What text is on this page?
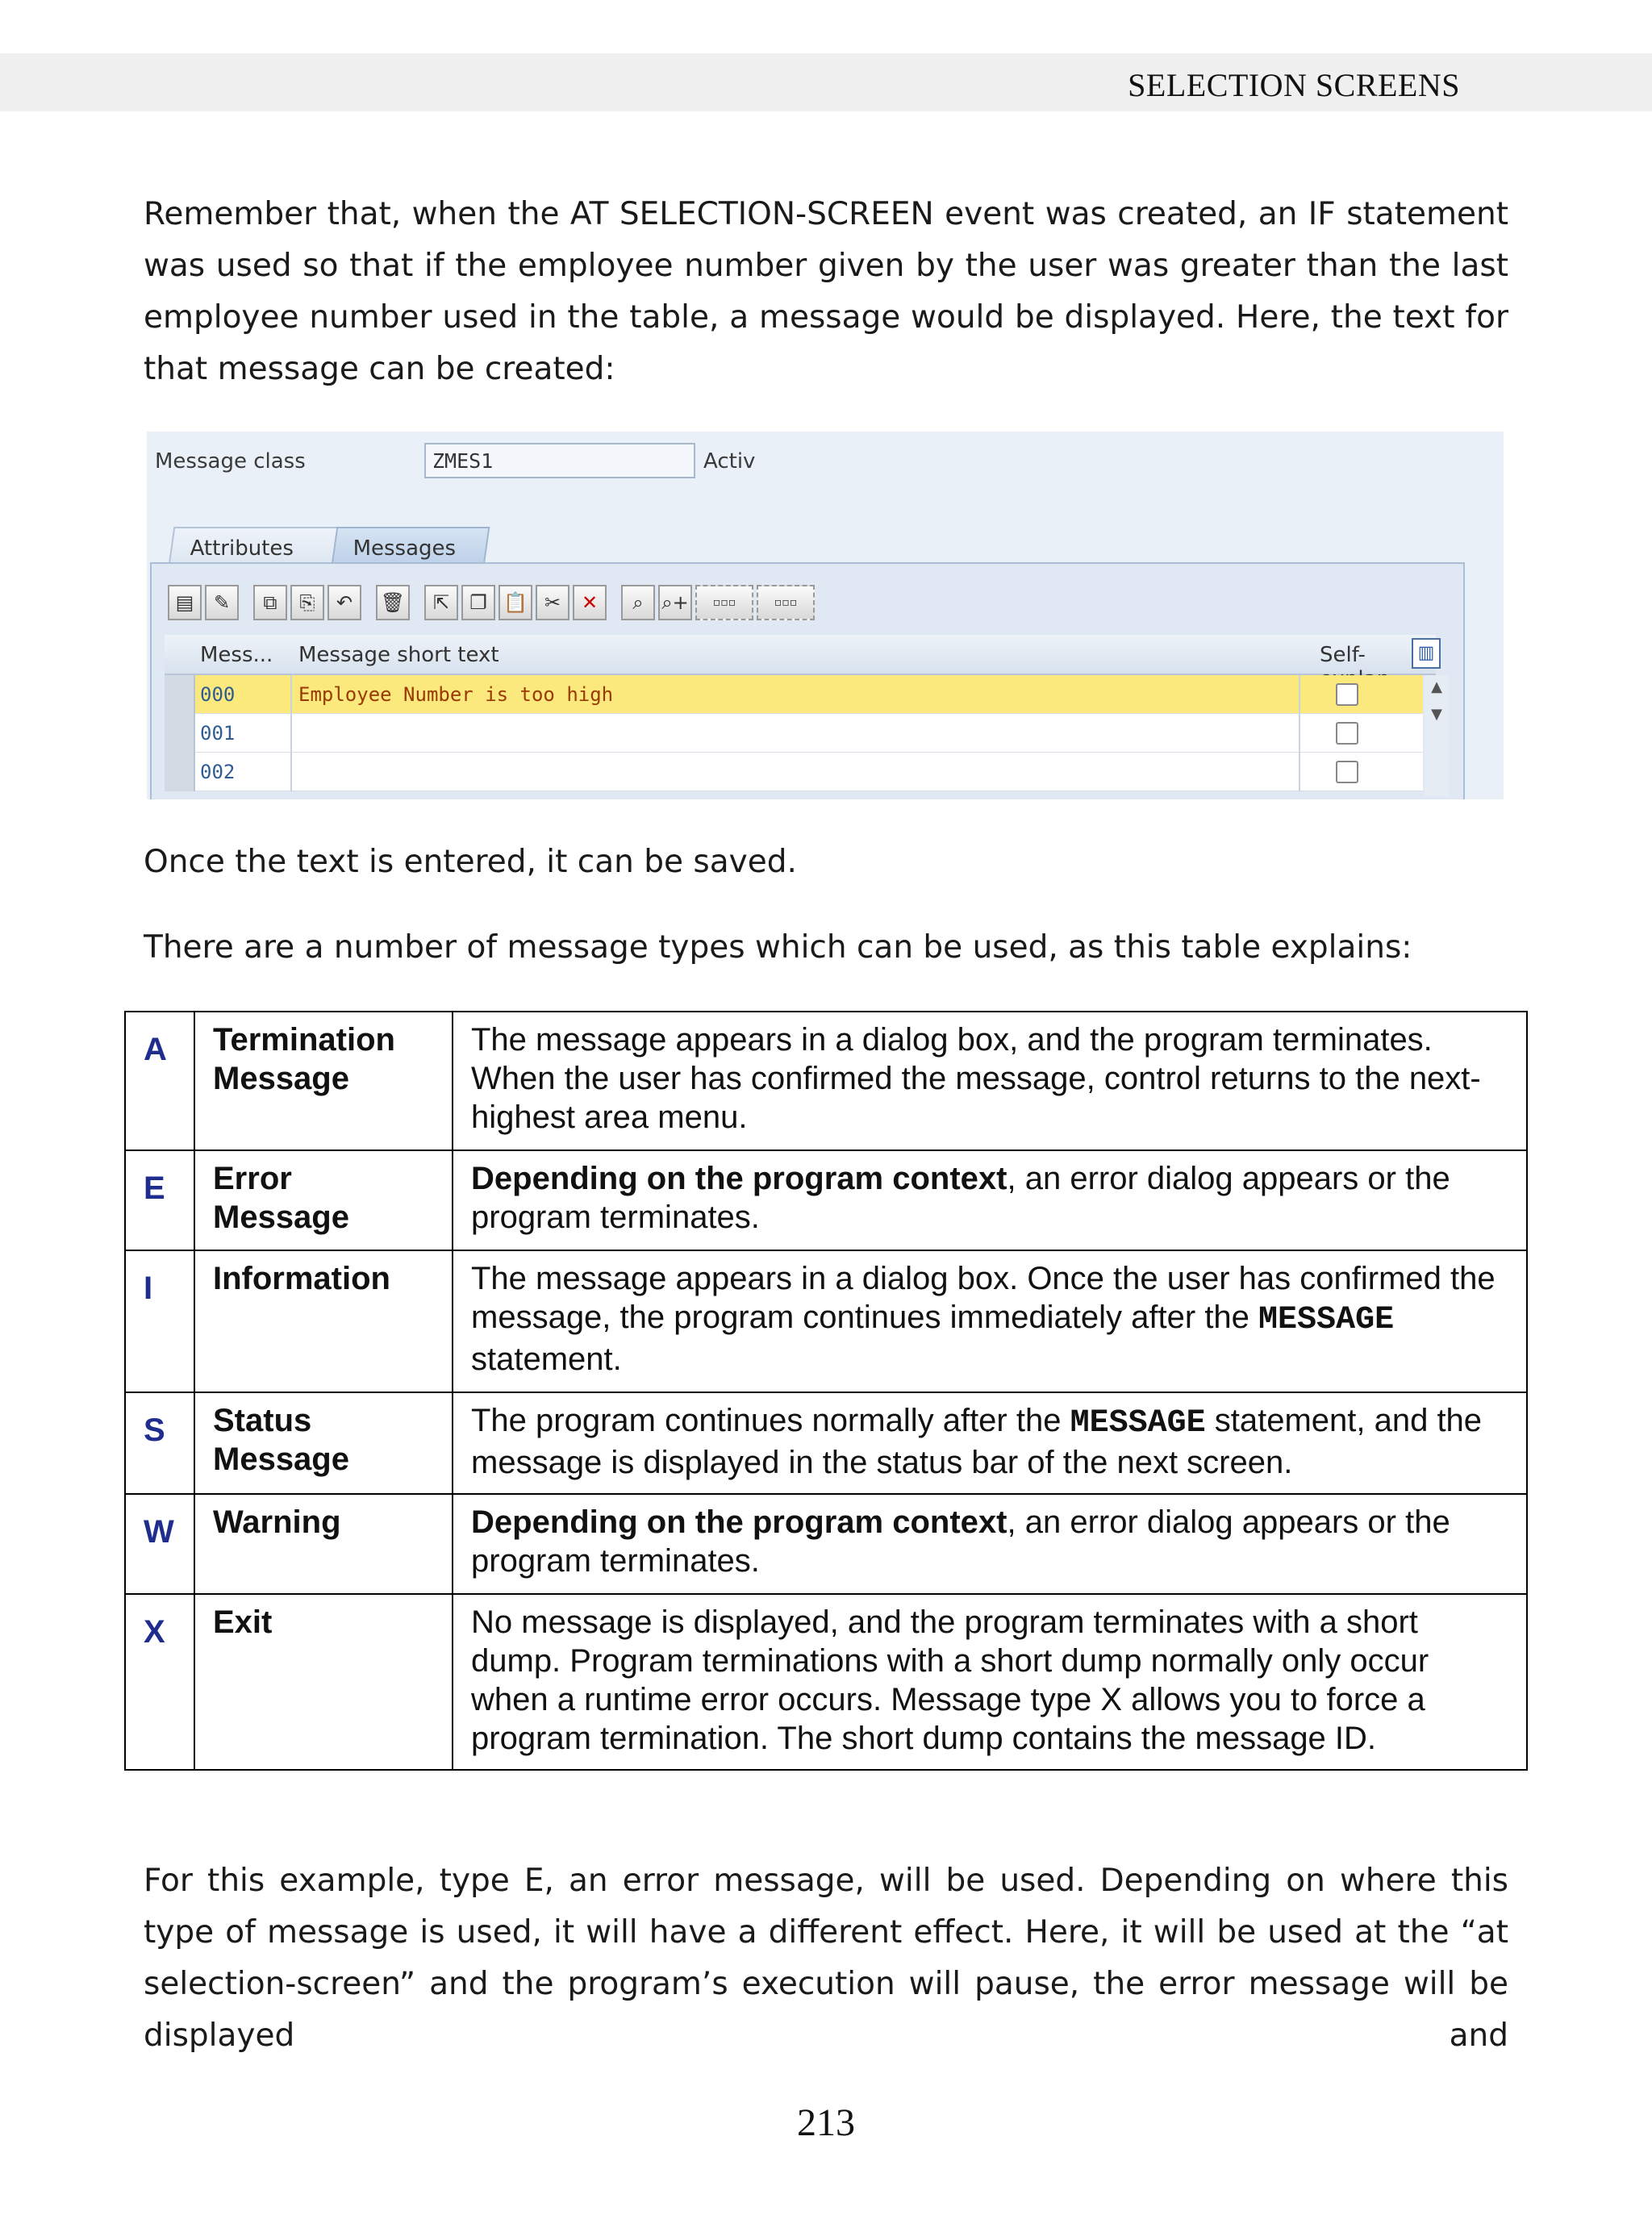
SELECTION SCREENS

Remember that, when the AT SELECTION-SCREEN event was created, an IF statement was used so that if the employee number given by the user was greater than the last employee number used in the table, a message would be displayed. Here, the text for that message can be created:

Message class	ZMES1	Activ
Attributes	Messages
▤	✎	⧉	⎘	↶	🗑	⇱	❐ 📋 ✂	✕	⌕ ⌕+	▫▫▫	▫▫▫
Mess... Message short text	Self-	▥
000	Employee Number is too high
001
002
▲
▼

Once the text is entered, it can be saved.

There are a number of message types which can be used, as this table explains:

A	Termination Message	The message appears in a dialog box, and the program terminates. When the user has confirmed the message, control returns to the next-highest area menu.
E	Error Message	Depending on the program context, an error dialog appears or the program terminates.
I	Information	The message appears in a dialog box. Once the user has confirmed the message, the program continues immediately after the MESSAGE statement.
S	Status Message	The program continues normally after the MESSAGE statement, and the message is displayed in the status bar of the next screen.
W	Warning	Depending on the program context, an error dialog appears or the program terminates.
X	Exit	No message is displayed, and the program terminates with a short dump. Program terminations with a short dump normally only occur when a runtime error occurs. Message type X allows you to force a program termination. The short dump contains the message ID.

For this example, type E, an error message, will be used. Depending on where this type of message is used, it will have a different effect. Here, it will be used at the “at selection-screen” and the program’s execution will pause, the error message will be displayed and

213
